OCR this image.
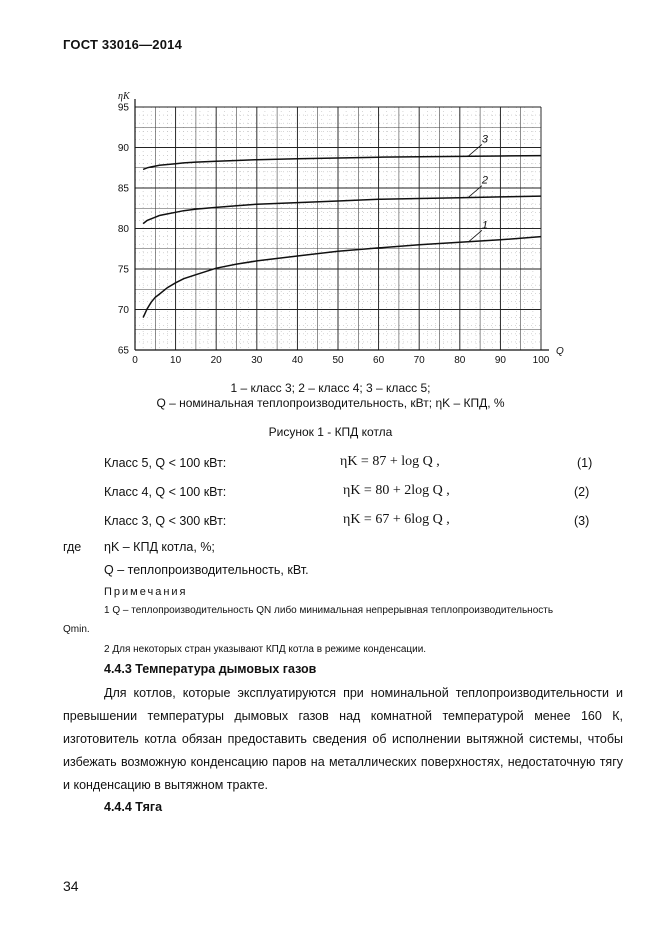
ГОСТ 33016—2014
0	10	20	30	40	50	60	70	80	90	100
65
70
75
80
85
90
95
ηK
Q
1
2
3
1 – класс 3; 2 – класс 4; 3 – класс 5;
Q – номинальная теплопроизводительность, кВт; ηK – КПД, %
Рисунок 1 - КПД котла
Класс 5, Q < 100 кВт:	ηK = 87 + log Q ,	(1)
Класс 4, Q < 100 кВт:	ηK = 80 + 2log Q ,	(2)
Класс 3, Q < 300 кВт:	ηK = 67 + 6log Q ,	(3)
где ηK – КПД котла, %;
Q – теплопроизводительность, кВт.
Примечания
1 Q – теплопроизводительность QN либо минимальная непрерывная теплопроизводительность
Qmin.
2 Для некоторых стран указывают КПД котла в режиме конденсации.
4.4.3 Температура дымовых газов
Для котлов, которые эксплуатируются при номинальной теплопроизводительности и превышении температуры дымовых газов над комнатной температурой менее 160 К, изготовитель котла обязан предоставить сведения об исполнении вытяжной системы, чтобы избежать возможную конденсацию паров на металлических поверхностях, недостаточную тягу и конденсацию в вытяжном тракте.
4.4.4 Тяга
34
